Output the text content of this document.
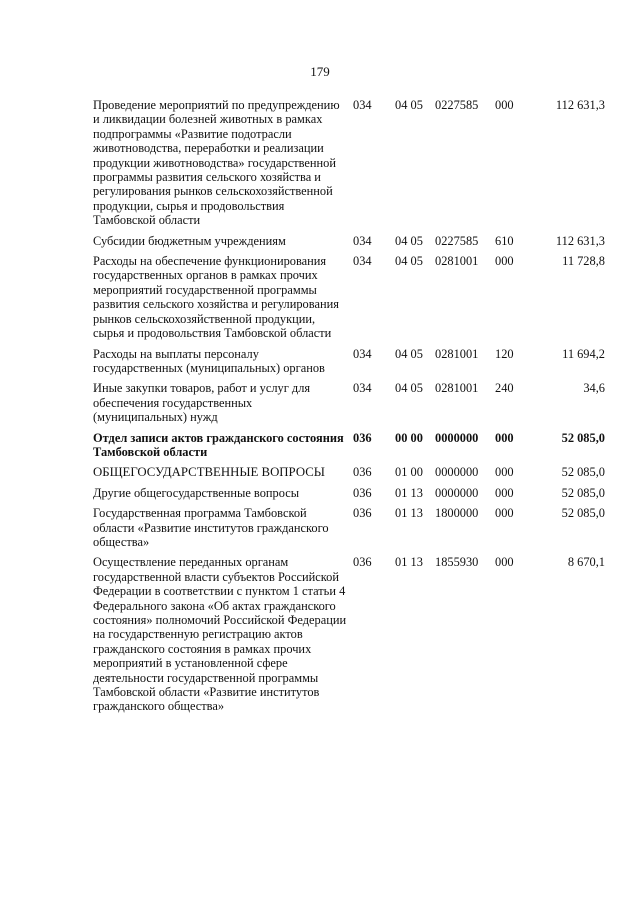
179
Проведение мероприятий по предупреждению и ликвидации болезней животных в рамках подпрограммы «Развитие подотрасли животноводства, переработки и реализации продукции животноводства» государственной программы развития сельского хозяйства и регулирования рынков сельскохозяйственной продукции, сырья и продовольствия Тамбовской области	034	04 05	0227585	000	112 631,3

Субсидии бюджетным учреждениям	034	04 05	0227585	610	112 631,3

Расходы на обеспечение функционирования государственных органов в рамках прочих мероприятий государственной программы развития сельского хозяйства и регулирования рынков сельскохозяйственной продукции, сырья и продовольствия Тамбовской области	034	04 05	0281001	000	11 728,8

Расходы на выплаты персоналу государственных (муниципальных) органов	034	04 05	0281001	120	11 694,2

Иные закупки товаров, работ и услуг для обеспечения государственных (муниципальных) нужд	034	04 05	0281001	240	34,6

Отдел записи актов гражданского состояния Тамбовской области	036	00 00	0000000	000	52 085,0

ОБЩЕГОСУДАРСТВЕННЫЕ ВОПРОСЫ	036	01 00	0000000	000	52 085,0

Другие общегосударственные вопросы	036	01 13	0000000	000	52 085,0

Государственная программа Тамбовской области «Развитие институтов гражданского общества»	036	01 13	1800000	000	52 085,0

Осуществление переданных органам государственной власти субъектов Российской Федерации в соответствии с пунктом 1 статьи 4 Федерального закона «Об актах гражданского состояния» полномочий Российской Федерации на государственную регистрацию актов гражданского состояния в рамках прочих мероприятий в установленной сфере деятельности государственной программы Тамбовской области «Развитие институтов гражданского общества»	036	01 13	1855930	000	8 670,1
